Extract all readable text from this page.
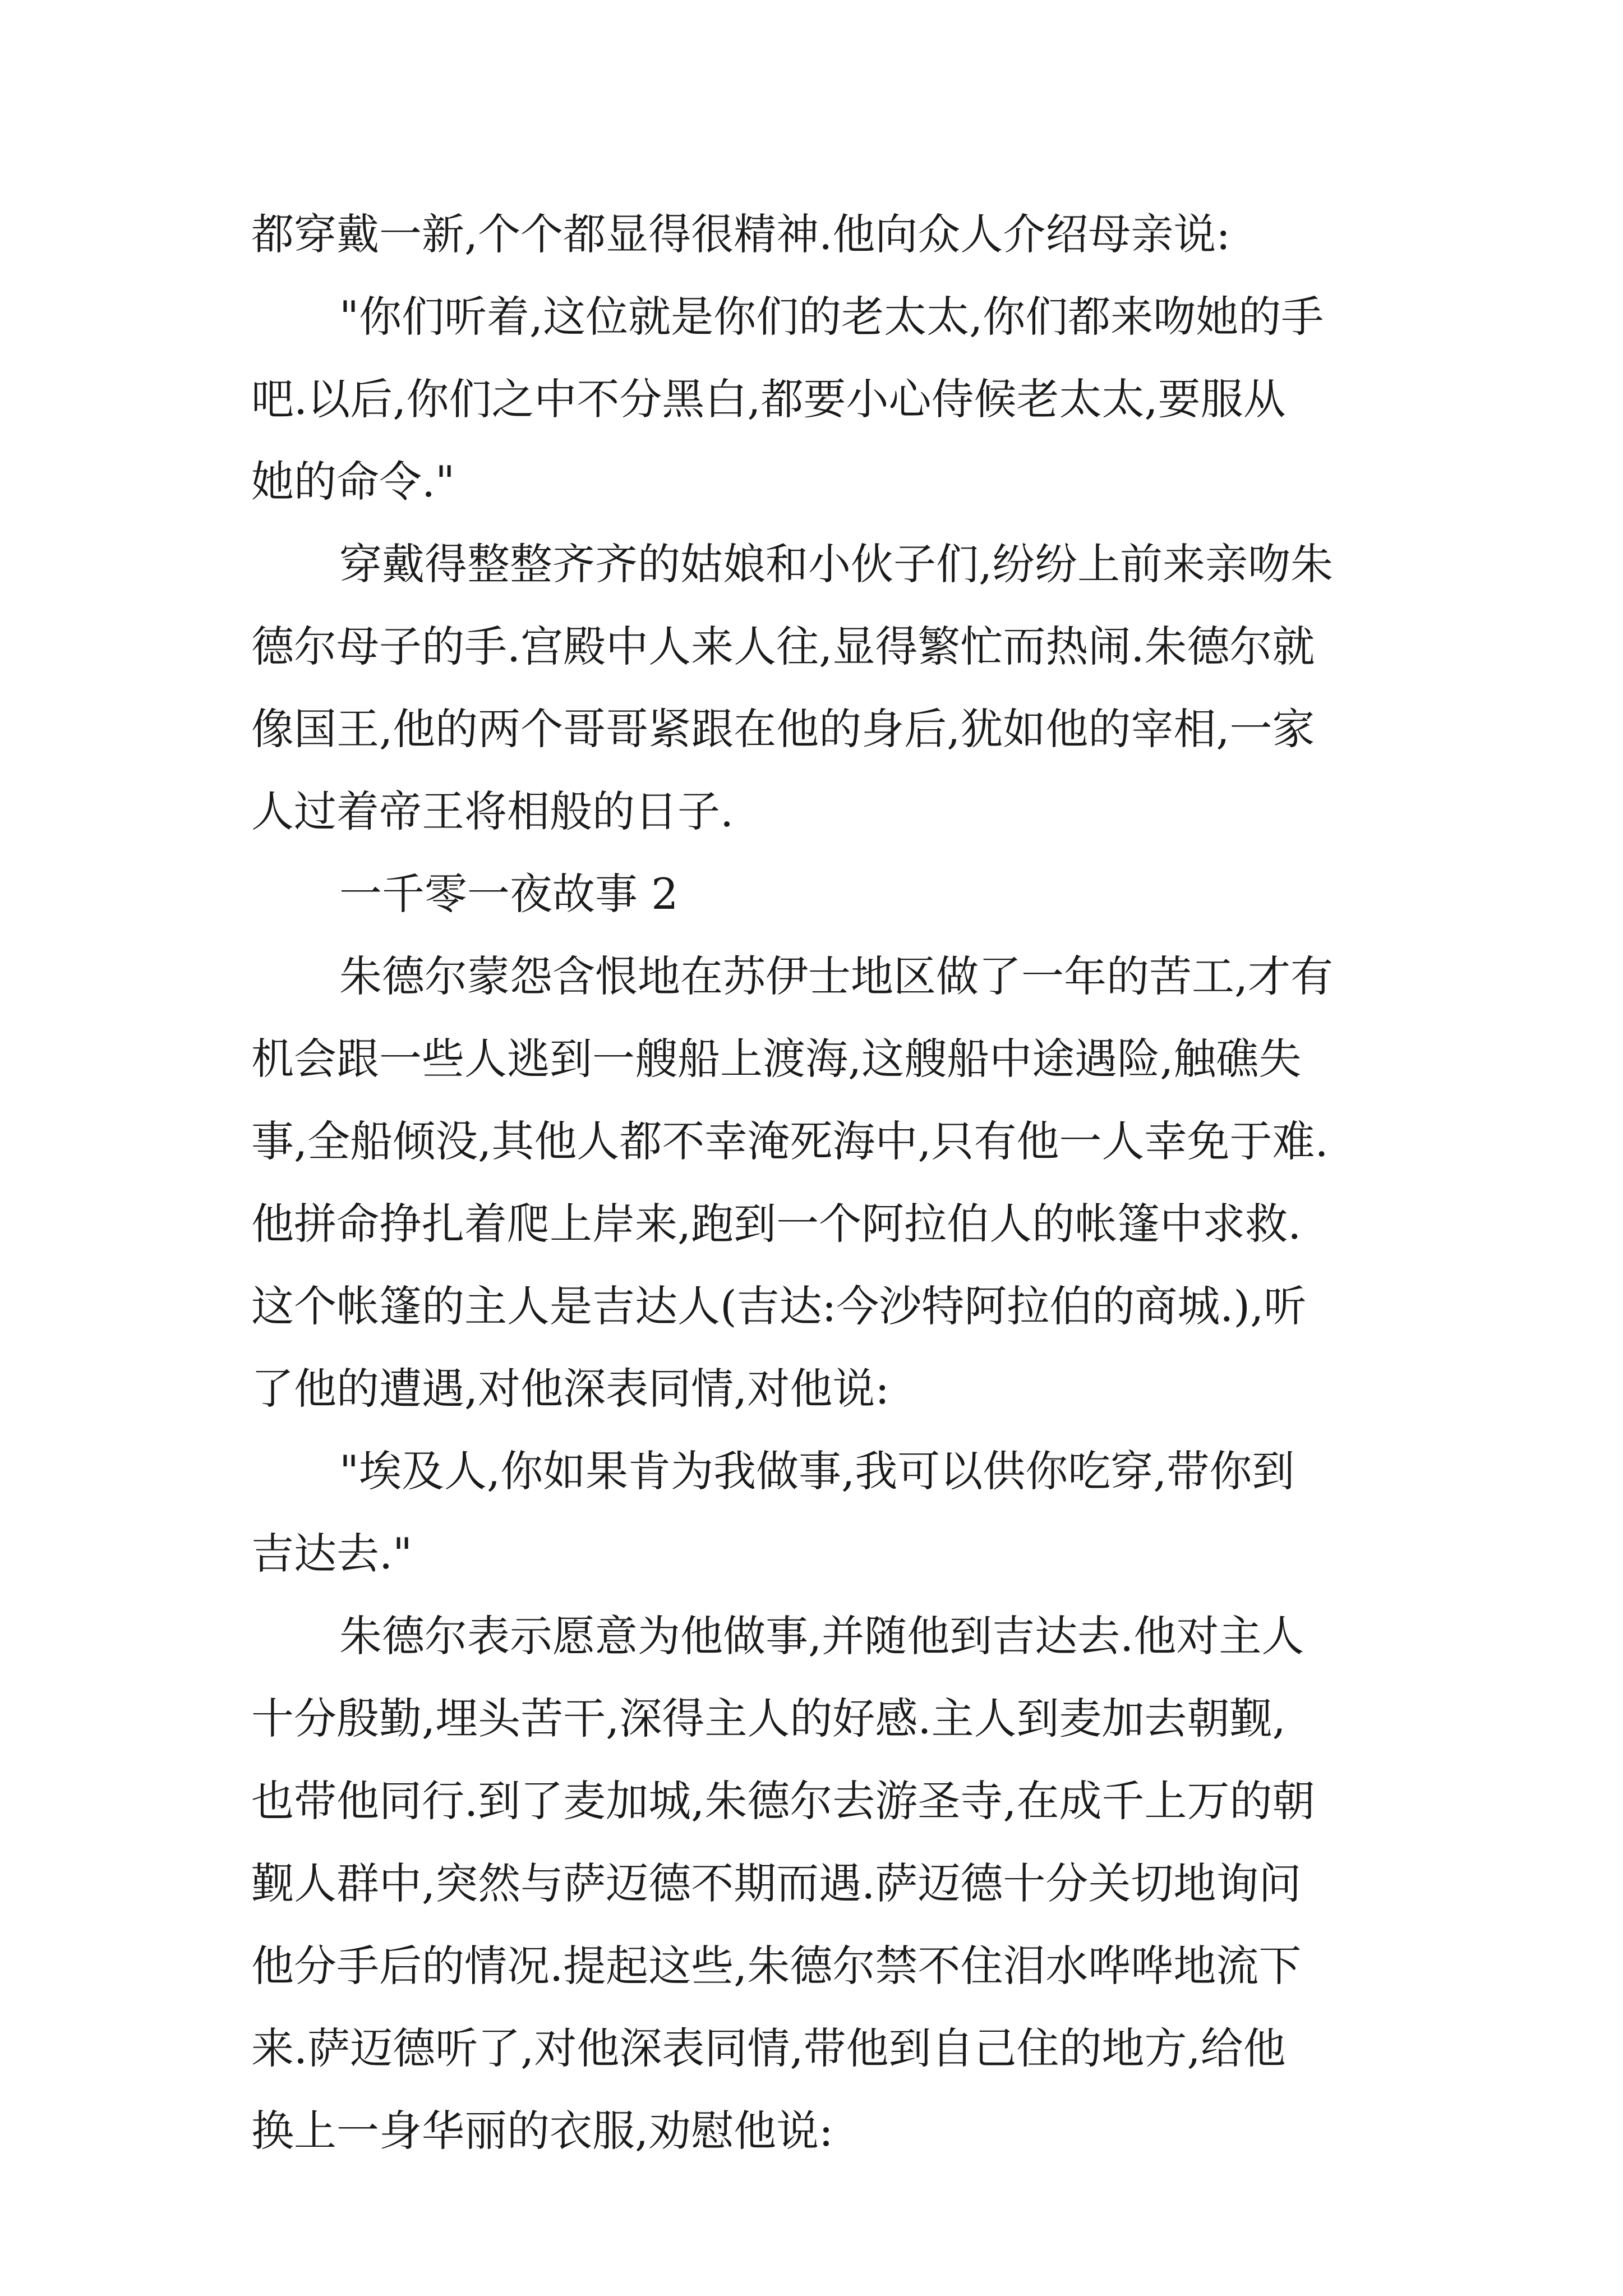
都穿戴一新,个个都显得很精神.他向众人介绍母亲说:
"你们听着,这位就是你们的老太太,你们都来吻她的手
吧.以后,你们之中不分黑白,都要小心侍候老太太,要服从
她的命令."
穿戴得整整齐齐的姑娘和小伙子们,纷纷上前来亲吻朱
德尔母子的手.宫殿中人来人往,显得繁忙而热闹.朱德尔就
像国王,他的两个哥哥紧跟在他的身后,犹如他的宰相,一家
人过着帝王将相般的日子.
一千零一夜故事 2
朱德尔蒙怨含恨地在苏伊士地区做了一年的苦工,才有
机会跟一些人逃到一艘船上渡海,这艘船中途遇险,触礁失
事,全船倾没,其他人都不幸淹死海中,只有他一人幸免于难.
他拼命挣扎着爬上岸来,跑到一个阿拉伯人的帐篷中求救.
这个帐篷的主人是吉达人(吉达:今沙特阿拉伯的商城.),听
了他的遭遇,对他深表同情,对他说:
"埃及人,你如果肯为我做事,我可以供你吃穿,带你到
吉达去."
朱德尔表示愿意为他做事,并随他到吉达去.他对主人
十分殷勤,埋头苦干,深得主人的好感.主人到麦加去朝觐,
也带他同行.到了麦加城,朱德尔去游圣寺,在成千上万的朝
觐人群中,突然与萨迈德不期而遇.萨迈德十分关切地询问
他分手后的情况.提起这些,朱德尔禁不住泪水哗哗地流下
来.萨迈德听了,对他深表同情,带他到自己住的地方,给他
换上一身华丽的衣服,劝慰他说:
